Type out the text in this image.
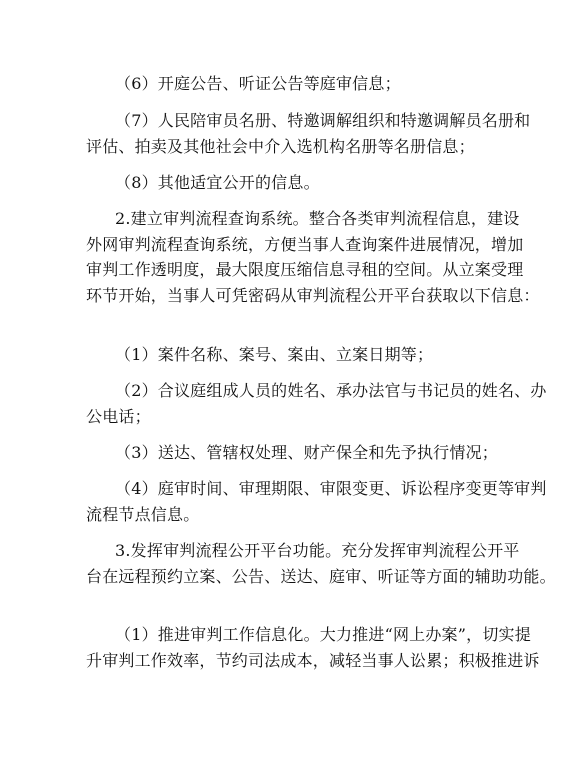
（6）开庭公告、听证公告等庭审信息；
（7）人民陪审员名册、特邀调解组织和特邀调解员名册和
评估、拍卖及其他社会中介入选机构名册等名册信息；
（8）其他适宜公开的信息。
2.建立审判流程查询系统。整合各类审判流程信息，建设
外网审判流程查询系统，方便当事人查询案件进展情况，增加
审判工作透明度，最大限度压缩信息寻租的空间。从立案受理
环节开始，当事人可凭密码从审判流程公开平台获取以下信息：
（1）案件名称、案号、案由、立案日期等；
（2）合议庭组成人员的姓名、承办法官与书记员的姓名、办
公电话；
（3）送达、管辖权处理、财产保全和先予执行情况；
（4）庭审时间、审理期限、审限变更、诉讼程序变更等审判
流程节点信息。
3.发挥审判流程公开平台功能。充分发挥审判流程公开平
台在远程预约立案、公告、送达、庭审、听证等方面的辅助功能。
（1）推进审判工作信息化。大力推进“网上办案”，切实提
升审判工作效率，节约司法成本，减轻当事人讼累；积极推进诉
